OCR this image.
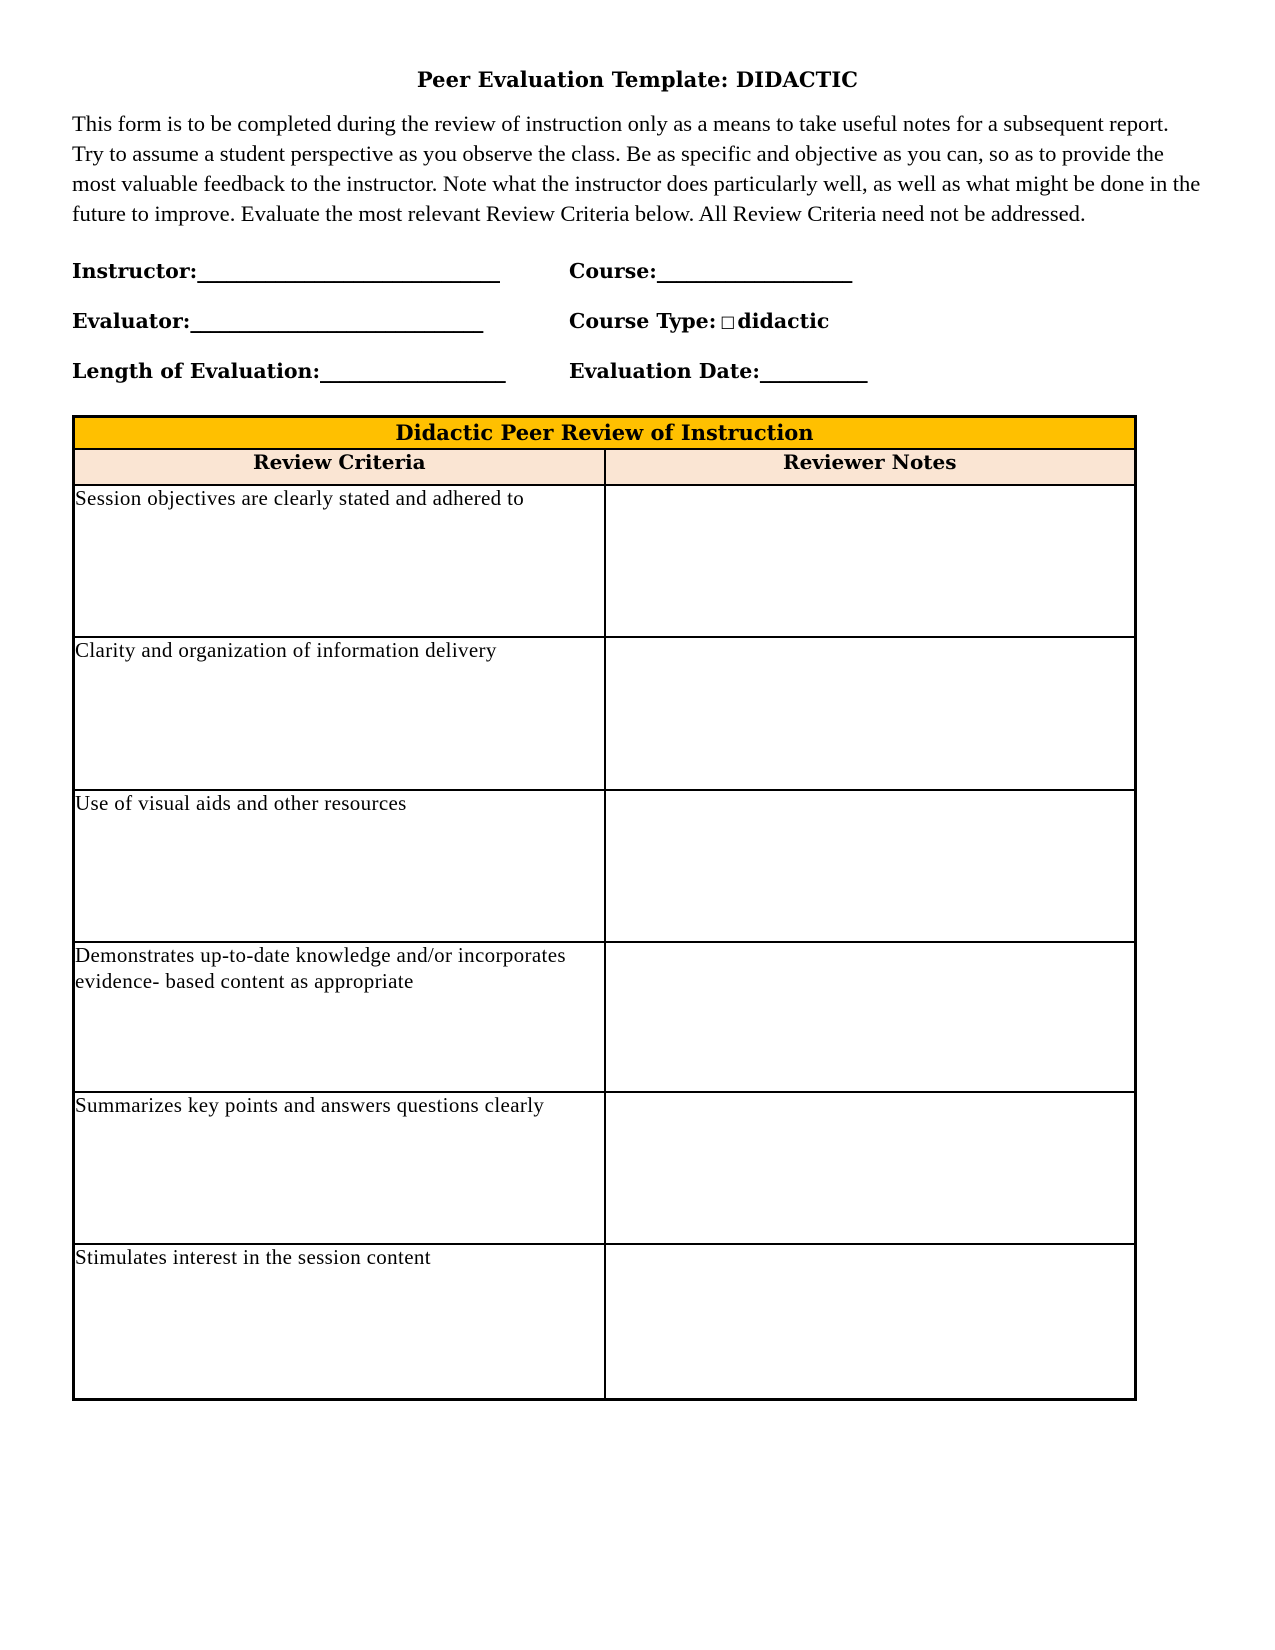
Peer Evaluation Template: DIDACTIC

This form is to be completed during the review of instruction only as a means to take useful notes for a subsequent report. Try to assume a student perspective as you observe the class. Be as specific and objective as you can, so as to provide the most valuable feedback to the instructor. Note what the instructor does particularly well, as well as what might be done in the future to improve. Evaluate the most relevant Review Criteria below. All Review Criteria need not be addressed.

Instructor:_______________________________	Course:____________________
Evaluator:______________________________	Course Type: □didactic
Length of Evaluation:___________________	Evaluation Date:___________
Didactic Peer Review of Instruction	
Review Criteria	Reviewer Notes
Session objectives are clearly stated and adhered to	
Clarity and organization of information delivery	
Use of visual aids and other resources	
Demonstrates up-to-date knowledge and/or incorporates evidence- based content as appropriate	
Summarizes key points and answers questions clearly	
Stimulates interest in the session content	
